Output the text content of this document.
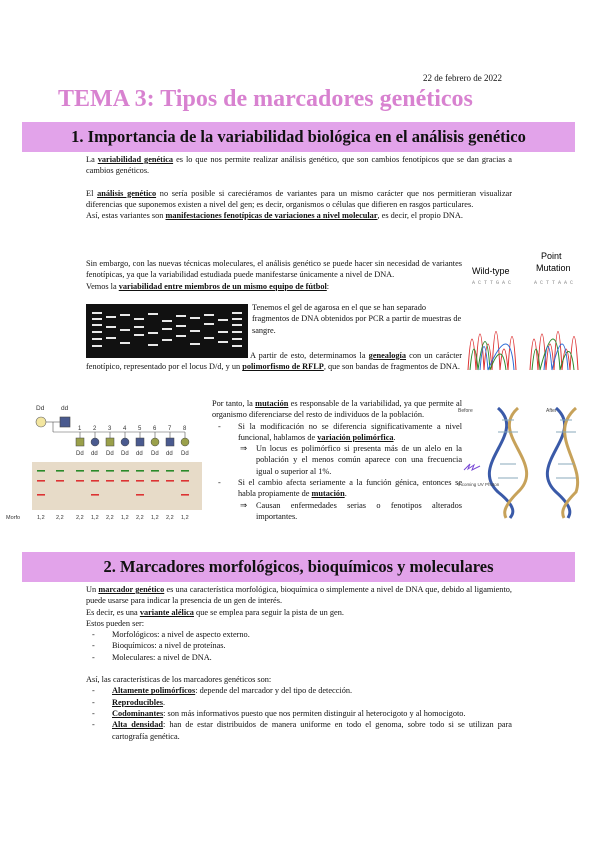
22 de febrero de 2022
TEMA 3: Tipos de marcadores genéticos
1. Importancia de la variabilidad biológica en el análisis genético

La variabilidad genética es lo que nos permite realizar análisis genético, que son cambios fenotípicos que se dan gracias a cambios genéticos.

El análisis genético no sería posible si careciéramos de variantes para un mismo carácter que nos permitieran visualizar diferencias que suponemos existen a nivel del gen; es decir, organismos o células que difieren en rasgos particulares.

Así, estas variantes son manifestaciones fenotípicas de variaciones a nivel molecular, es decir, el propio DNA.

Sin embargo, con las nuevas técnicas moleculares, el análisis genético se puede hacer sin necesidad de variantes fenotípicas, ya que la variabilidad estudiada puede manifestarse únicamente a nivel de DNA.

Vemos la variabilidad entre miembros de un mismo equipo de fútbol:

Tenemos el gel de agarosa en el que se han separado fragmentos de DNA obtenidos por PCR a partir de muestras de sangre.

A partir de esto, determinamos la genealogía con un carácter fenotípico, representado por el locus D/d, y un polimorfismo de RFLP, que son bandas de fragmentos de DNA.

Wild-type
Point
Mutation
A C T T G A C	A C T T A A C
Dd	dd
1
Dd
2
dd
3
Dd
4
Dd
5
dd
6
Dd
7
dd
8
Dd
1,2 2,2 2,2 1,2 2,2 1,2 2,2 1,2 2,2 1,2
Morfo

Por tanto, la mutación es responsable de la variabilidad, ya que permite al organismo diferenciarse del resto de individuos de la población.

- Si la modificación no se diferencia significativamente a nivel funcional, hablamos de variación polimórfica.
⇒ Un locus es polimórfico si presenta más de un alelo en la población y el menos común aparece con una frecuencia igual o superior al 1%.
- Si el cambio afecta seriamente a la función génica, entonces se habla propiamente de mutación.
⇒ Causan enfermedades serias o fenotipos alterados importantes.
Before	After
Incoming UV Photon
2. Marcadores morfológicos, bioquímicos y moleculares

Un marcador genético es una característica morfológica, bioquímica o simplemente a nivel de DNA que, debido al ligamiento, puede usarse para indicar la presencia de un gen de interés.

Es decir, es una variante alélica que se emplea para seguir la pista de un gen.

Estos pueden ser:

- Morfológicos: a nivel de aspecto externo.
- Bioquímicos: a nivel de proteínas.
- Moleculares: a nivel de DNA.

Así, las características de los marcadores genéticos son:

- Altamente polimórficos: depende del marcador y del tipo de detección.
- Reproducibles.
- Codominantes: son más informativos puesto que nos permiten distinguir al heterocigoto y al homocigoto.
- Alta densidad: han de estar distribuidos de manera uniforme en todo el genoma, sobre todo si se utilizan para cartografía genética.
